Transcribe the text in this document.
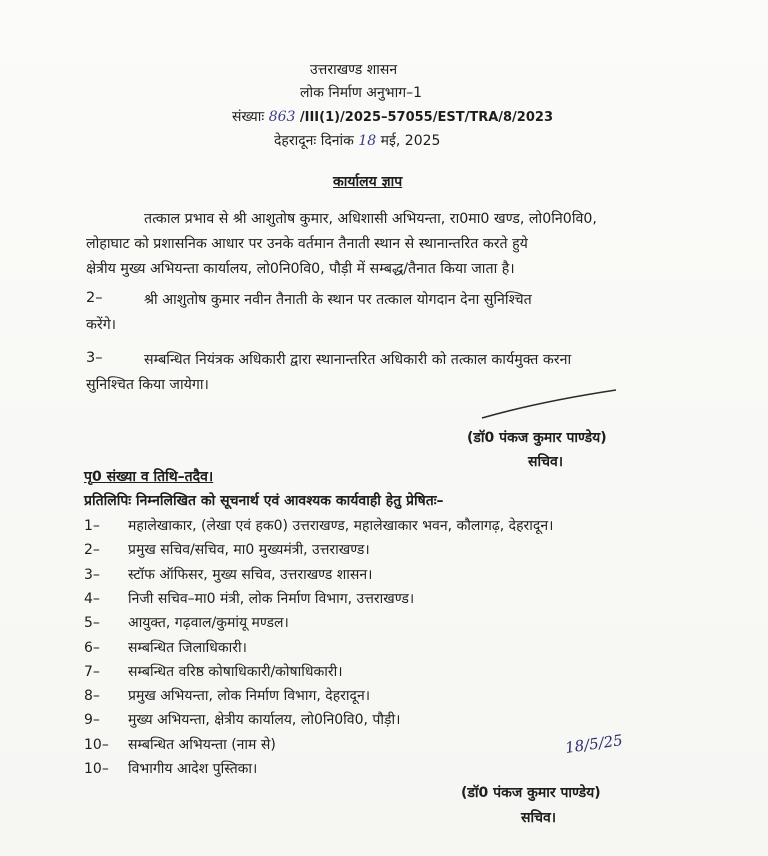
उत्तराखण्ड शासन
लोक निर्माण अनुभाग–1
संख्याः 863 /III(1)/2025–57055/EST/TRA/8/2023
देहरादूनः दिनांक 18 मई, 2025
कार्यालय ज्ञाप
तत्काल प्रभाव से श्री आशुतोष कुमार, अधिशासी अभियन्ता, रा0मा0 खण्ड, लो0नि0वि0,
लोहाघाट को प्रशासनिक आधार पर उनके वर्तमान तैनाती स्थान से स्थानान्तरित करते हुये
क्षेत्रीय मुख्य अभियन्ता कार्यालय, लो0नि0वि0, पौड़ी में सम्बद्ध/तैनात किया जाता है।
2–	श्री आशुतोष कुमार नवीन तैनाती के स्थान पर तत्काल योगदान देना सुनिश्चित
करेंगे।
3–	सम्बन्धित नियंत्रक अधिकारी द्वारा स्थानान्तरित अधिकारी को तत्काल कार्यमुक्त करना
सुनिश्चित किया जायेगा।
(डॉ0 पंकज कुमार पाण्डेय)
सचिव।
पृ0 संख्या व तिथि–तदैव।
प्रतिलिपिः निम्नलिखित को सूचनार्थ एवं आवश्यक कार्यवाही हेतु प्रेषितः–
1– महालेखाकार, (लेखा एवं हक0) उत्तराखण्ड, महालेखाकार भवन, कौलागढ़, देहरादून।
2– प्रमुख सचिव/सचिव, मा0 मुख्यमंत्री, उत्तराखण्ड।
3– स्टॉफ ऑफिसर, मुख्य सचिव, उत्तराखण्ड शासन।
4– निजी सचिव–मा0 मंत्री, लोक निर्माण विभाग, उत्तराखण्ड।
5– आयुक्त, गढ़वाल/कुमांयू मण्डल।
6– सम्बन्धित जिलाधिकारी।
7– सम्बन्धित वरिष्ठ कोषाधिकारी/कोषाधिकारी।
8– प्रमुख अभियन्ता, लोक निर्माण विभाग, देहरादून।
9– मुख्य अभियन्ता, क्षेत्रीय कार्यालय, लो0नि0वि0, पौड़ी।
10– सम्बन्धित अभियन्ता (नाम से)
10– विभागीय आदेश पुस्तिका।
18/5/25
(डॉ0 पंकज कुमार पाण्डेय)
सचिव।
